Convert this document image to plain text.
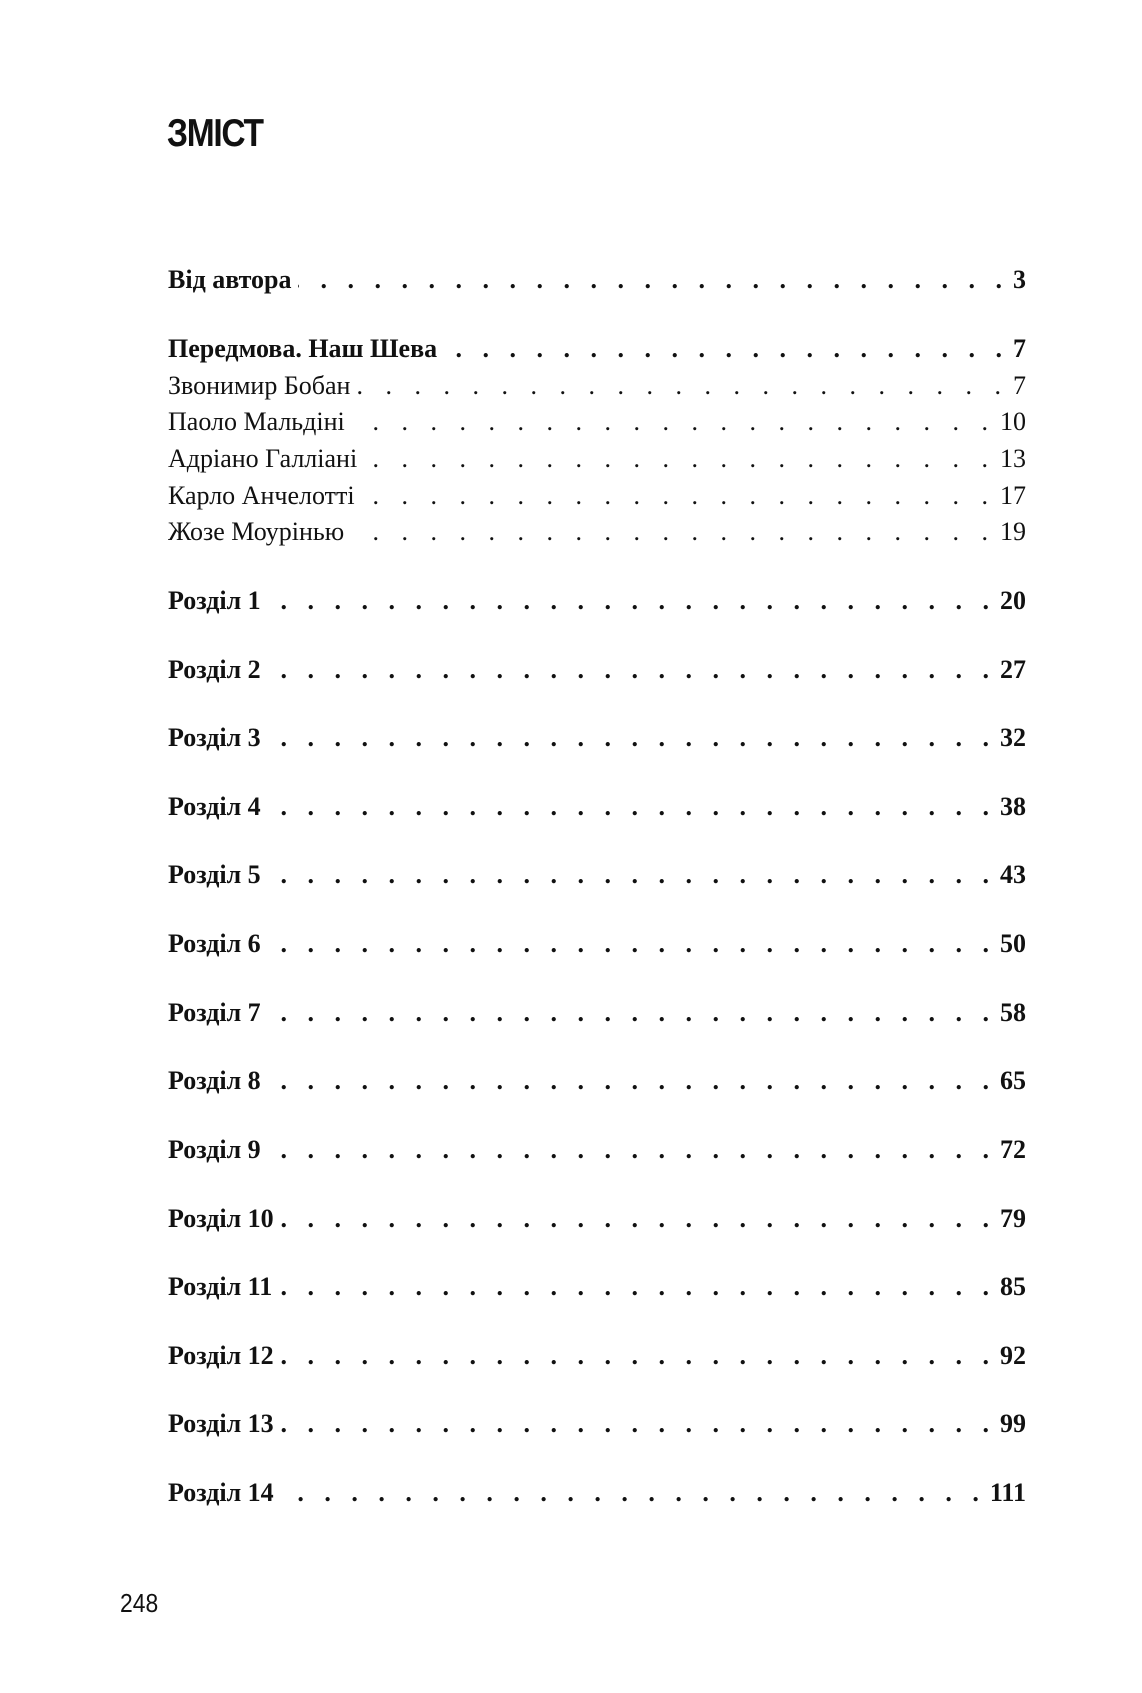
ЗМІСТ
Від автора . . .	3
Передмова. Наш Шева . . .	7
Звонимир Бобан . . .	7
Паоло Мальдіні . . .	10
Адріано Галліані . . .	13
Карло Анчелотті . . .	17
Жозе Моурінью . . .	19
Розділ 1 . . .	20
Розділ 2 . . .	27
Розділ 3 . . .	32
Розділ 4 . . .	38
Розділ 5 . . .	43
Розділ 6 . . .	50
Розділ 7 . . .	58
Розділ 8 . . .	65
Розділ 9 . . .	72
Розділ 10 . . .	79
Розділ 11 . . .	85
Розділ 12 . . .	92
Розділ 13 . . .	99
Розділ 14 . . .	111
248
